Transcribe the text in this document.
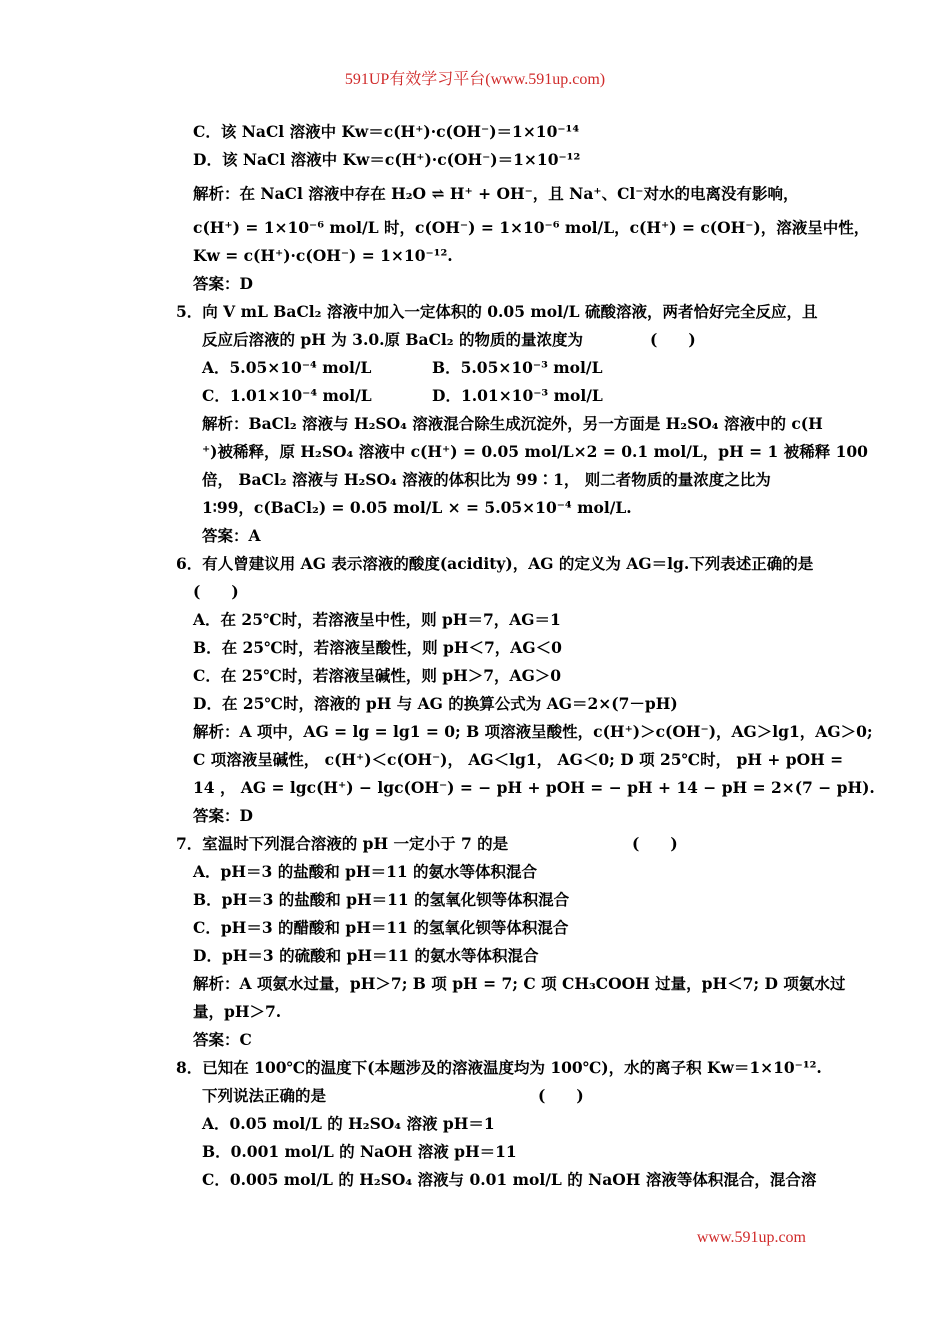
591UP有效学习平台(www.591up.com)
C．该 NaCl 溶液中 Kw＝c(H⁺)·c(OH⁻)＝1×10⁻¹⁴
D．该 NaCl 溶液中 Kw＝c(H⁺)·c(OH⁻)＝1×10⁻¹²
解析：在 NaCl 溶液中存在 H₂O ⇌ H⁺ + OH⁻，且 Na⁺、Cl⁻对水的电离没有影响，
c(H⁺) = 1×10⁻⁶ mol/L 时，c(OH⁻) = 1×10⁻⁶ mol/L，c(H⁺) = c(OH⁻)，溶液呈中性，
Kw = c(H⁺)·c(OH⁻) = 1×10⁻¹².
答案：D
5．向 V mL BaCl₂ 溶液中加入一定体积的 0.05 mol/L 硫酸溶液，两者恰好完全反应，且
反应后溶液的 pH 为 3.0.原 BaCl₂ 的物质的量浓度为	(　　)
A．5.05×10⁻⁴ mol/L	B．5.05×10⁻³ mol/L
C．1.01×10⁻⁴ mol/L	D．1.01×10⁻³ mol/L
解析：BaCl₂ 溶液与 H₂SO₄ 溶液混合除生成沉淀外，另一方面是 H₂SO₄ 溶液中的 c(H
⁺)被稀释，原 H₂SO₄ 溶液中 c(H⁺) = 0.05 mol/L×2 = 0.1 mol/L，pH = 1 被稀释 100
倍， BaCl₂ 溶液与 H₂SO₄ 溶液的体积比为 99∶1， 则二者物质的量浓度之比为
1∶99，c(BaCl₂) = 0.05 mol/L × = 5.05×10⁻⁴ mol/L.
答案：A
6．有人曾建议用 AG 表示溶液的酸度(acidity)，AG 的定义为 AG＝lg.下列表述正确的是
(　　)
A．在 25℃时，若溶液呈中性，则 pH＝7，AG＝1
B．在 25℃时，若溶液呈酸性，则 pH＜7，AG＜0
C．在 25℃时，若溶液呈碱性，则 pH＞7，AG＞0
D．在 25℃时，溶液的 pH 与 AG 的换算公式为 AG＝2×(7－pH)
解析：A 项中，AG = lg = lg1 = 0; B 项溶液呈酸性，c(H⁺)＞c(OH⁻)，AG＞lg1，AG＞0;
C 项溶液呈碱性， c(H⁺)＜c(OH⁻)， AG＜lg1， AG＜0; D 项 25℃时， pH + pOH =
14 ， AG = lgc(H⁺) − lgc(OH⁻) = − pH + pOH = − pH + 14 − pH = 2×(7 − pH).
答案：D
7．室温时下列混合溶液的 pH 一定小于 7 的是	(　　)
A．pH＝3 的盐酸和 pH＝11 的氨水等体积混合
B．pH＝3 的盐酸和 pH＝11 的氢氧化钡等体积混合
C．pH＝3 的醋酸和 pH＝11 的氢氧化钡等体积混合
D．pH＝3 的硫酸和 pH＝11 的氨水等体积混合
解析：A 项氨水过量，pH＞7; B 项 pH = 7; C 项 CH₃COOH 过量，pH＜7; D 项氨水过
量，pH＞7.
答案：C
8．已知在 100℃的温度下(本题涉及的溶液温度均为 100℃)，水的离子积 Kw＝1×10⁻¹².
下列说法正确的是	(　　)
A．0.05 mol/L 的 H₂SO₄ 溶液 pH＝1
B．0.001 mol/L 的 NaOH 溶液 pH＝11
C．0.005 mol/L 的 H₂SO₄ 溶液与 0.01 mol/L 的 NaOH 溶液等体积混合，混合溶
www.591up.com
